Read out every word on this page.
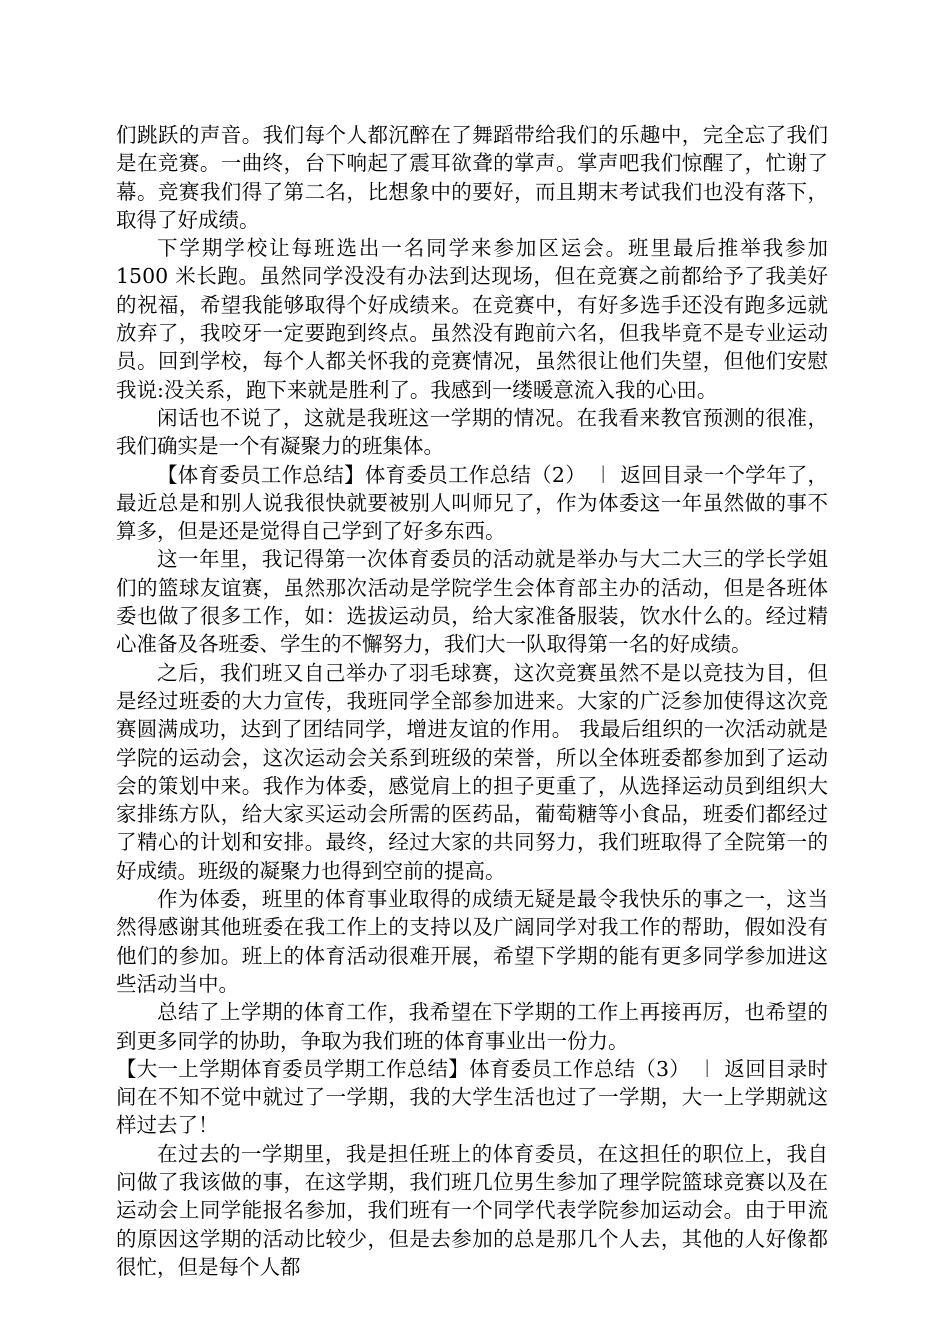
们跳跃的声音。我们每个人都沉醉在了舞蹈带给我们的乐趣中，完全忘了我们是在竞赛。一曲终，台下响起了震耳欲聋的掌声。掌声吧我们惊醒了，忙谢了幕。竞赛我们得了第二名，比想象中的要好，而且期末考试我们也没有落下，取得了好成绩。

下学期学校让每班选出一名同学来参加区运会。班里最后推举我参加 1500 米长跑。虽然同学没没有办法到达现场，但在竞赛之前都给予了我美好的祝福，希望我能够取得个好成绩来。在竞赛中，有好多选手还没有跑多远就放弃了，我咬牙一定要跑到终点。虽然没有跑前六名，但我毕竟不是专业运动员。回到学校，每个人都关怀我的竞赛情况，虽然很让他们失望，但他们安慰我说:没关系，跑下来就是胜利了。我感到一缕暖意流入我的心田。

闲话也不说了，这就是我班这一学期的情况。在我看来教官预测的很准，我们确实是一个有凝聚力的班集体。

【体育委员工作总结】体育委员工作总结（2） ︱ 返回目录一个学年了，最近总是和别人说我很快就要被别人叫师兄了，作为体委这一年虽然做的事不算多，但是还是觉得自己学到了好多东西。

这一年里，我记得第一次体育委员的活动就是举办与大二大三的学长学姐们的篮球友谊赛，虽然那次活动是学院学生会体育部主办的活动，但是各班体委也做了很多工作，如：选拔运动员，给大家准备服装，饮水什么的。经过精心准备及各班委、学生的不懈努力，我们大一队取得第一名的好成绩。

之后，我们班又自己举办了羽毛球赛，这次竞赛虽然不是以竞技为目，但是经过班委的大力宣传，我班同学全部参加进来。大家的广泛参加使得这次竞赛圆满成功，达到了团结同学，增进友谊的作用。 我最后组织的一次活动就是学院的运动会，这次运动会关系到班级的荣誉，所以全体班委都参加到了运动会的策划中来。我作为体委，感觉肩上的担子更重了，从选择运动员到组织大家排练方队，给大家买运动会所需的医药品，葡萄糖等小食品，班委们都经过了精心的计划和安排。最终，经过大家的共同努力，我们班取得了全院第一的好成绩。班级的凝聚力也得到空前的提高。

作为体委，班里的体育事业取得的成绩无疑是最令我快乐的事之一，这当然得感谢其他班委在我工作上的支持以及广阔同学对我工作的帮助，假如没有他们的参加。班上的体育活动很难开展，希望下学期的能有更多同学参加进这些活动当中。

总结了上学期的体育工作，我希望在下学期的工作上再接再厉，也希望的到更多同学的协助，争取为我们班的体育事业出一份力。

【大一上学期体育委员学期工作总结】体育委员工作总结（3） ︱ 返回目录时间在不知不觉中就过了一学期，我的大学生活也过了一学期，大一上学期就这样过去了！

在过去的一学期里，我是担任班上的体育委员，在这担任的职位上，我自问做了我该做的事，在这学期，我们班几位男生参加了理学院篮球竞赛以及在运动会上同学能报名参加，我们班有一个同学代表学院参加运动会。由于甲流的原因这学期的活动比较少，但是去参加的总是那几个人去，其他的人好像都很忙，但是每个人都
